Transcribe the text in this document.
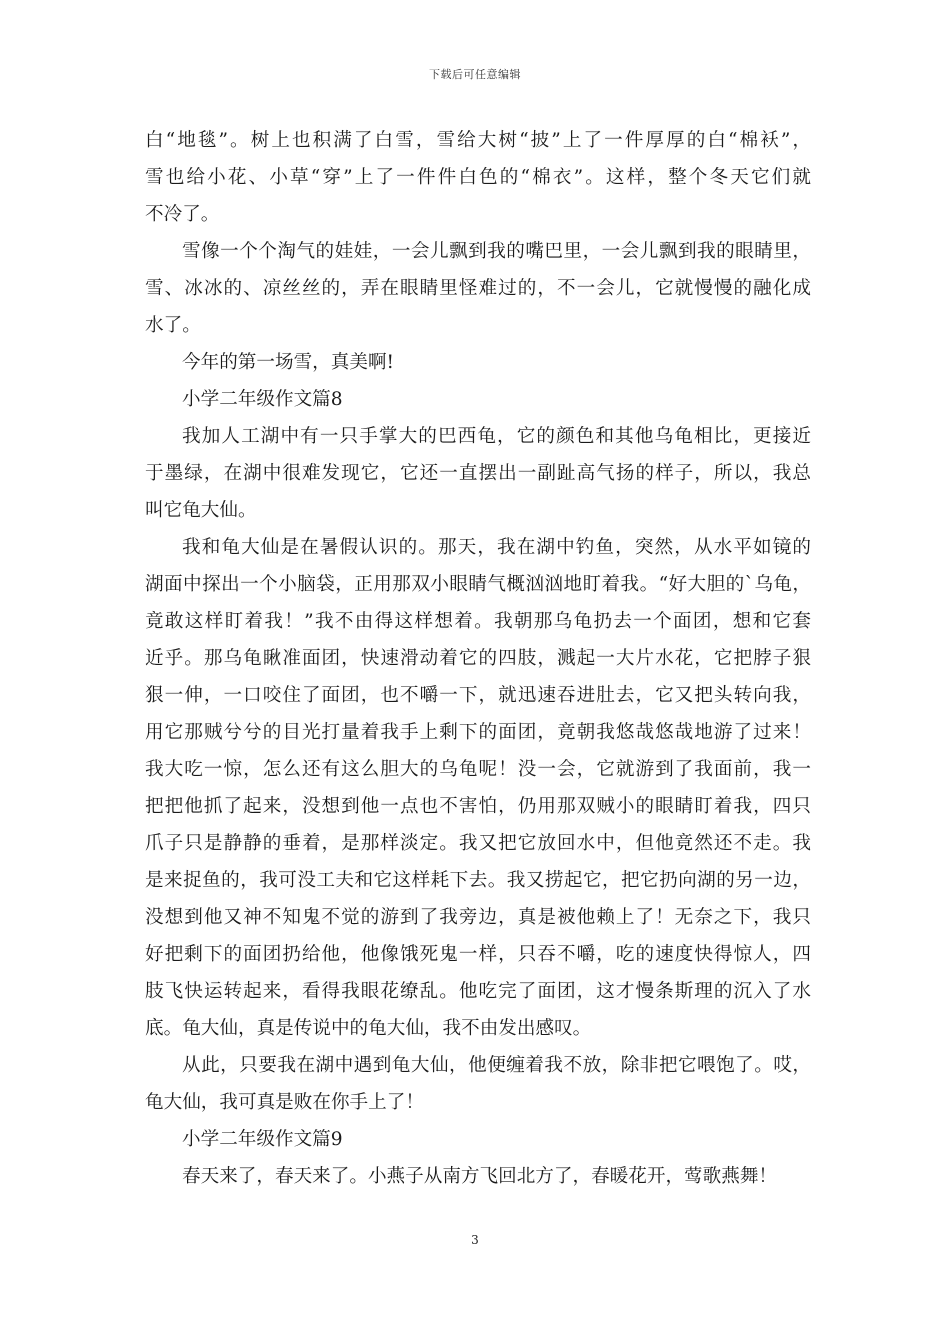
下载后可任意编辑
白“地毯”。树上也积满了白雪，雪给大树“披”上了一件厚厚的白“棉袄”，
雪也给小花、小草“穿”上了一件件白色的“棉衣”。这样，整个冬天它们就
不冷了。
雪像一个个淘气的娃娃，一会儿飘到我的嘴巴里，一会儿飘到我的眼睛里，
雪、冰冰的、凉丝丝的，弄在眼睛里怪难过的，不一会儿，它就慢慢的融化成
水了。
今年的第一场雪，真美啊!
小学二年级作文篇8
我加人工湖中有一只手掌大的巴西龟，它的颜色和其他乌龟相比，更接近
于墨绿，在湖中很难发现它，它还一直摆出一副趾高气扬的样子，所以，我总
叫它龟大仙。
我和龟大仙是在暑假认识的。那天，我在湖中钓鱼，突然，从水平如镜的
湖面中探出一个小脑袋，正用那双小眼睛气概汹汹地盯着我。“好大胆的`乌龟，
竟敢这样盯着我！”我不由得这样想着。我朝那乌龟扔去一个面团，想和它套
近乎。那乌龟瞅准面团，快速滑动着它的四肢，溅起一大片水花，它把脖子狠
狠一伸，一口咬住了面团，也不嚼一下，就迅速吞进肚去，它又把头转向我，
用它那贼兮兮的目光打量着我手上剩下的面团，竟朝我悠哉悠哉地游了过来！
我大吃一惊，怎么还有这么胆大的乌龟呢！没一会，它就游到了我面前，我一
把把他抓了起来，没想到他一点也不害怕，仍用那双贼小的眼睛盯着我，四只
爪子只是静静的垂着，是那样淡定。我又把它放回水中，但他竟然还不走。我
是来捉鱼的，我可没工夫和它这样耗下去。我又捞起它，把它扔向湖的另一边，
没想到他又神不知鬼不觉的游到了我旁边，真是被他赖上了！无奈之下，我只
好把剩下的面团扔给他，他像饿死鬼一样，只吞不嚼，吃的速度快得惊人，四
肢飞快运转起来，看得我眼花缭乱。他吃完了面团，这才慢条斯理的沉入了水
底。龟大仙，真是传说中的龟大仙，我不由发出感叹。
从此，只要我在湖中遇到龟大仙，他便缠着我不放，除非把它喂饱了。哎，
龟大仙，我可真是败在你手上了！
小学二年级作文篇9
春天来了，春天来了。小燕子从南方飞回北方了，春暖花开，莺歌燕舞！
3
